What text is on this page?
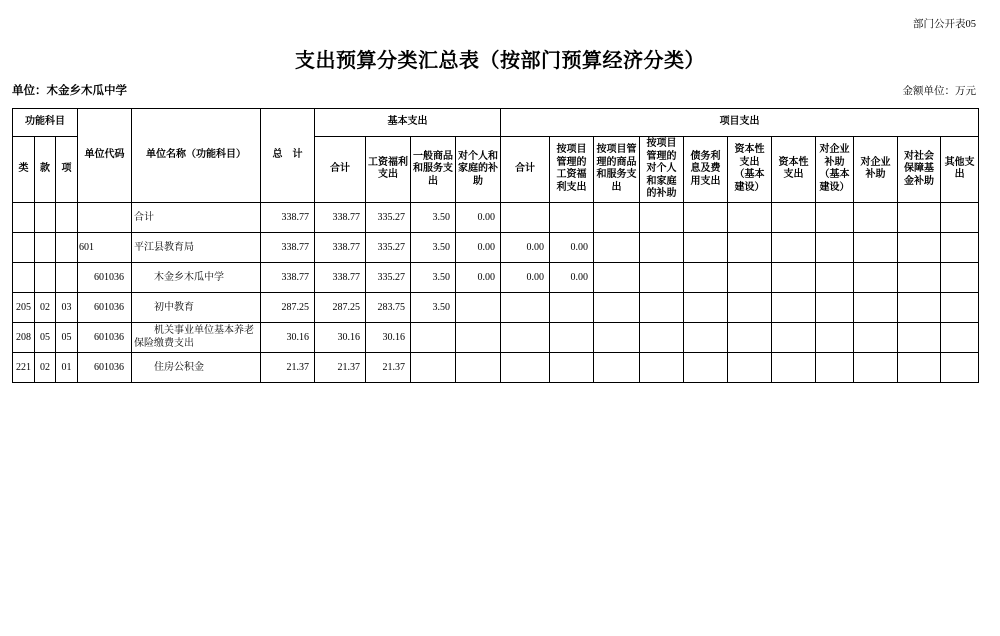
部门公开表05
支出预算分类汇总表（按部门预算经济分类）
单位：木金乡木瓜中学	金额单位：万元
功能科目			单位代码	单位名称（功能科目）	总　计	基本支出				项目支出										
类	款	项				合计	工资福利支出	一般商品和服务支出	对个人和家庭的补助	合计	按项目管理的工资福利支出	按项目管理的商品和服务支出	按项目管理的对个人和家庭的补助	债务利息及费用支出	资本性支出（基本建设）	资本性支出	对企业补助（基本建设）	对企业补助	对社会保障基金补助	其他支出
				合计	338.77	338.77	335.27	3.50	0.00											
			601	平江县教育局	338.77	338.77	335.27	3.50	0.00	0.00	0.00									
			601036	木金乡木瓜中学	338.77	338.77	335.27	3.50	0.00	0.00	0.00									
205	02	03	601036	初中教育	287.25	287.25	283.75	3.50												
208	05	05	601036	机关事业单位基本养老保险缴费支出	30.16	30.16	30.16													
221	02	01	601036	住房公积金	21.37	21.37	21.37													
